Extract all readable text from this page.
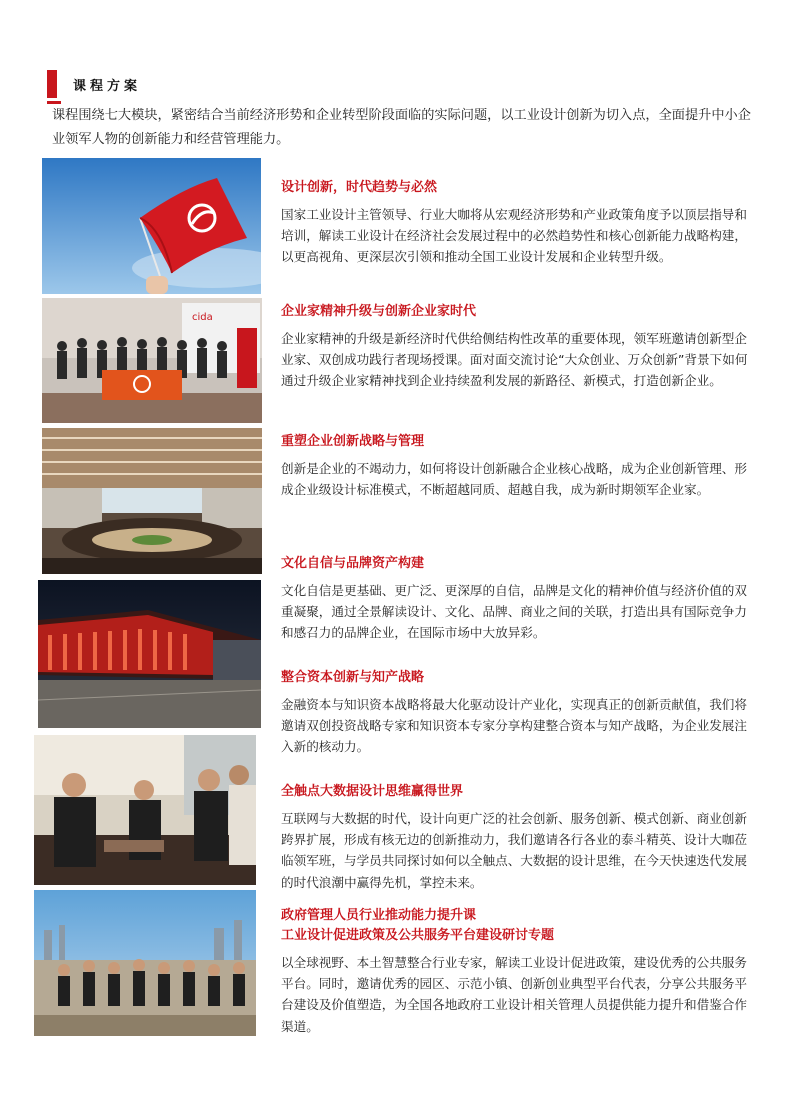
课程方案
课程围绕七大模块，紧密结合当前经济形势和企业转型阶段面临的实际问题，以工业设计创新为切入点，全面提升中小企业领军人物的创新能力和经营管理能力。
设计创新，时代趋势与必然
国家工业设计主管领导、行业大咖将从宏观经济形势和产业政策角度予以顶层指导和培训，解读工业设计在经济社会发展过程中的必然趋势性和核心创新能力战略构建，以更高视角、更深层次引领和推动全国工业设计发展和企业转型升级。
cida	企业家精神升级与创新企业家时代
企业家精神的升级是新经济时代供给侧结构性改革的重要体现，领军班邀请创新型企业家、双创成功践行者现场授课。面对面交流讨论“大众创业、万众创新”背景下如何通过升级企业家精神找到企业持续盈利发展的新路径、新模式，打造创新企业。
重塑企业创新战略与管理
创新是企业的不竭动力，如何将设计创新融合企业核心战略，成为企业创新管理、形成企业级设计标准模式，不断超越同质、超越自我，成为新时期领军企业家。
文化自信与品牌资产构建
文化自信是更基础、更广泛、更深厚的自信，品牌是文化的精神价值与经济价值的双重凝聚，通过全景解读设计、文化、品牌、商业之间的关联，打造出具有国际竞争力和感召力的品牌企业，在国际市场中大放异彩。
整合资本创新与知产战略
金融资本与知识资本战略将最大化驱动设计产业化，实现真正的创新贡献值，我们将邀请双创投资战略专家和知识资本专家分享构建整合资本与知产战略，为企业发展注入新的核动力。
全触点大数据设计思维赢得世界
互联网与大数据的时代，设计向更广泛的社会创新、服务创新、模式创新、商业创新跨界扩展，形成有核无边的创新推动力，我们邀请各行各业的泰斗精英、设计大咖莅临领军班，与学员共同探讨如何以全触点、大数据的设计思维，在今天快速迭代发展的时代浪潮中赢得先机，掌控未来。
政府管理人员行业推动能力提升课
工业设计促进政策及公共服务平台建设研讨专题
以全球视野、本土智慧整合行业专家，解读工业设计促进政策，建设优秀的公共服务平台。同时，邀请优秀的园区、示范小镇、创新创业典型平台代表，分享公共服务平台建设及价值塑造，为全国各地政府工业设计相关管理人员提供能力提升和借鉴合作渠道。
